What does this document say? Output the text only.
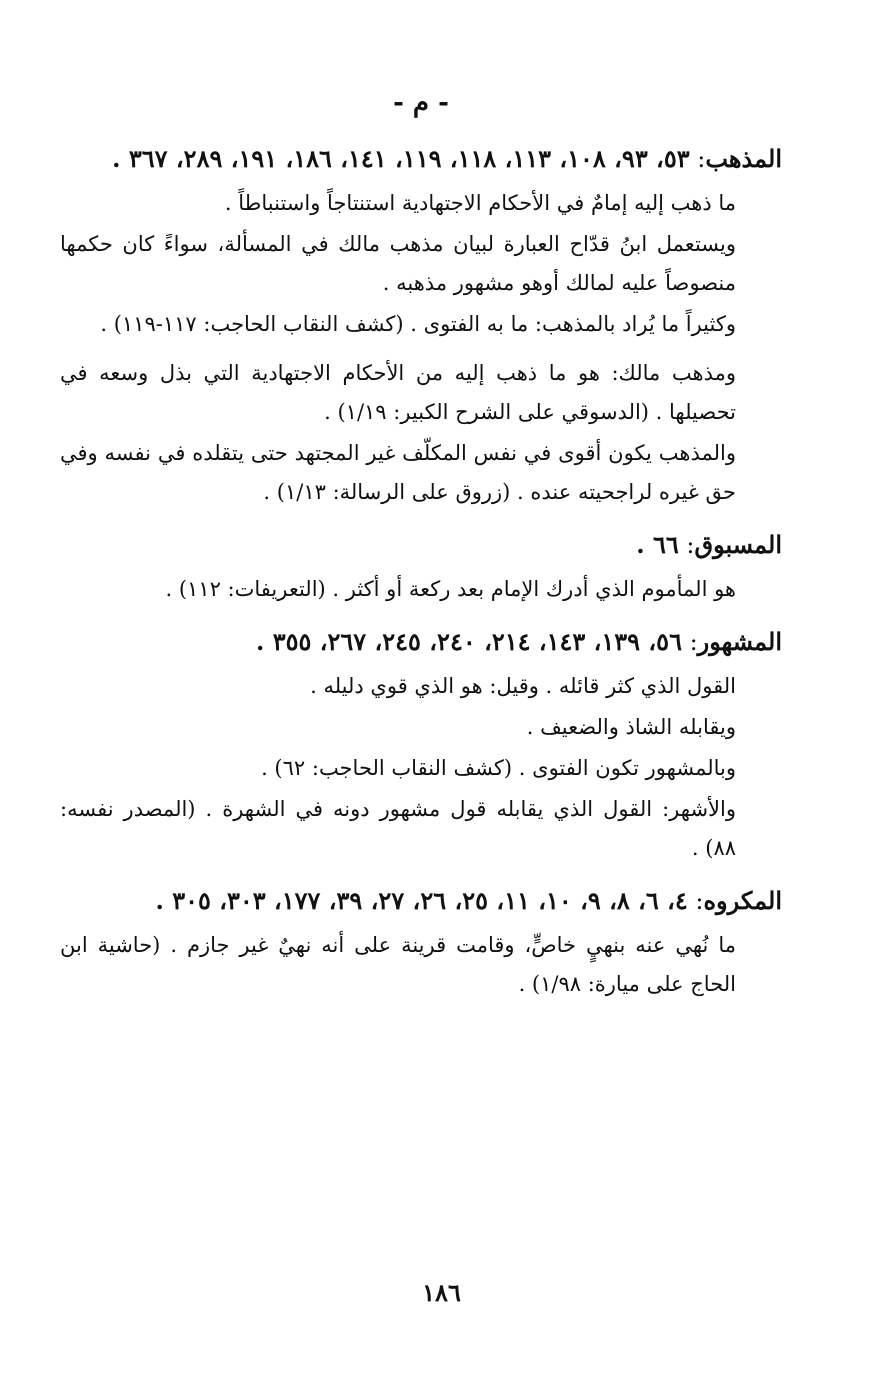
- م -

المذهب: ٥٣، ٩٣، ١٠٨، ١١٣، ١١٨، ١١٩، ١٤١، ١٨٦، ١٩١، ٢٨٩، ٣٦٧ .

ما ذهب إليه إمامٌ في الأحكام الاجتهادية استنتاجاً واستنباطاً .

ويستعمل ابنُ قدّاح العبارة لبيان مذهب مالك في المسألة، سواءً كان حكمها منصوصاً عليه لمالك أوهو مشهور مذهبه .

وكثيراً ما يُراد بالمذهب: ما به الفتوى . (كشف النقاب الحاجب: ١١٧-١١٩) .

ومذهب مالك: هو ما ذهب إليه من الأحكام الاجتهادية التي بذل وسعه في تحصيلها . (الدسوقي على الشرح الكبير: ١/١٩) .

والمذهب يكون أقوى في نفس المكلّف غير المجتهد حتى يتقلده في نفسه وفي حق غيره لراجحيته عنده . (زروق على الرسالة: ١/١٣) .

المسبوق: ٦٦ .

هو المأموم الذي أدرك الإمام بعد ركعة أو أكثر . (التعريفات: ١١٢) .

المشهور: ٥٦، ١٣٩، ١٤٣، ٢١٤، ٢٤٠، ٢٤٥، ٢٦٧، ٣٥٥ .

القول الذي كثر قائله . وقيل: هو الذي قوي دليله .

ويقابله الشاذ والضعيف .

وبالمشهور تكون الفتوى . (كشف النقاب الحاجب: ٦٢) .

والأشهر: القول الذي يقابله قول مشهور دونه في الشهرة . (المصدر نفسه: ٨٨) .

المكروه: ٤، ٦، ٨، ٩، ١٠، ١١، ٢٥، ٢٦، ٢٧، ٣٩، ١٧٧، ٣٠٣، ٣٠٥ .

ما نُهي عنه بنهيٍ خاصٍّ، وقامت قرينة على أنه نهيٌ غير جازم . (حاشية ابن الحاج على ميارة: ١/٩٨) .

١٨٦
